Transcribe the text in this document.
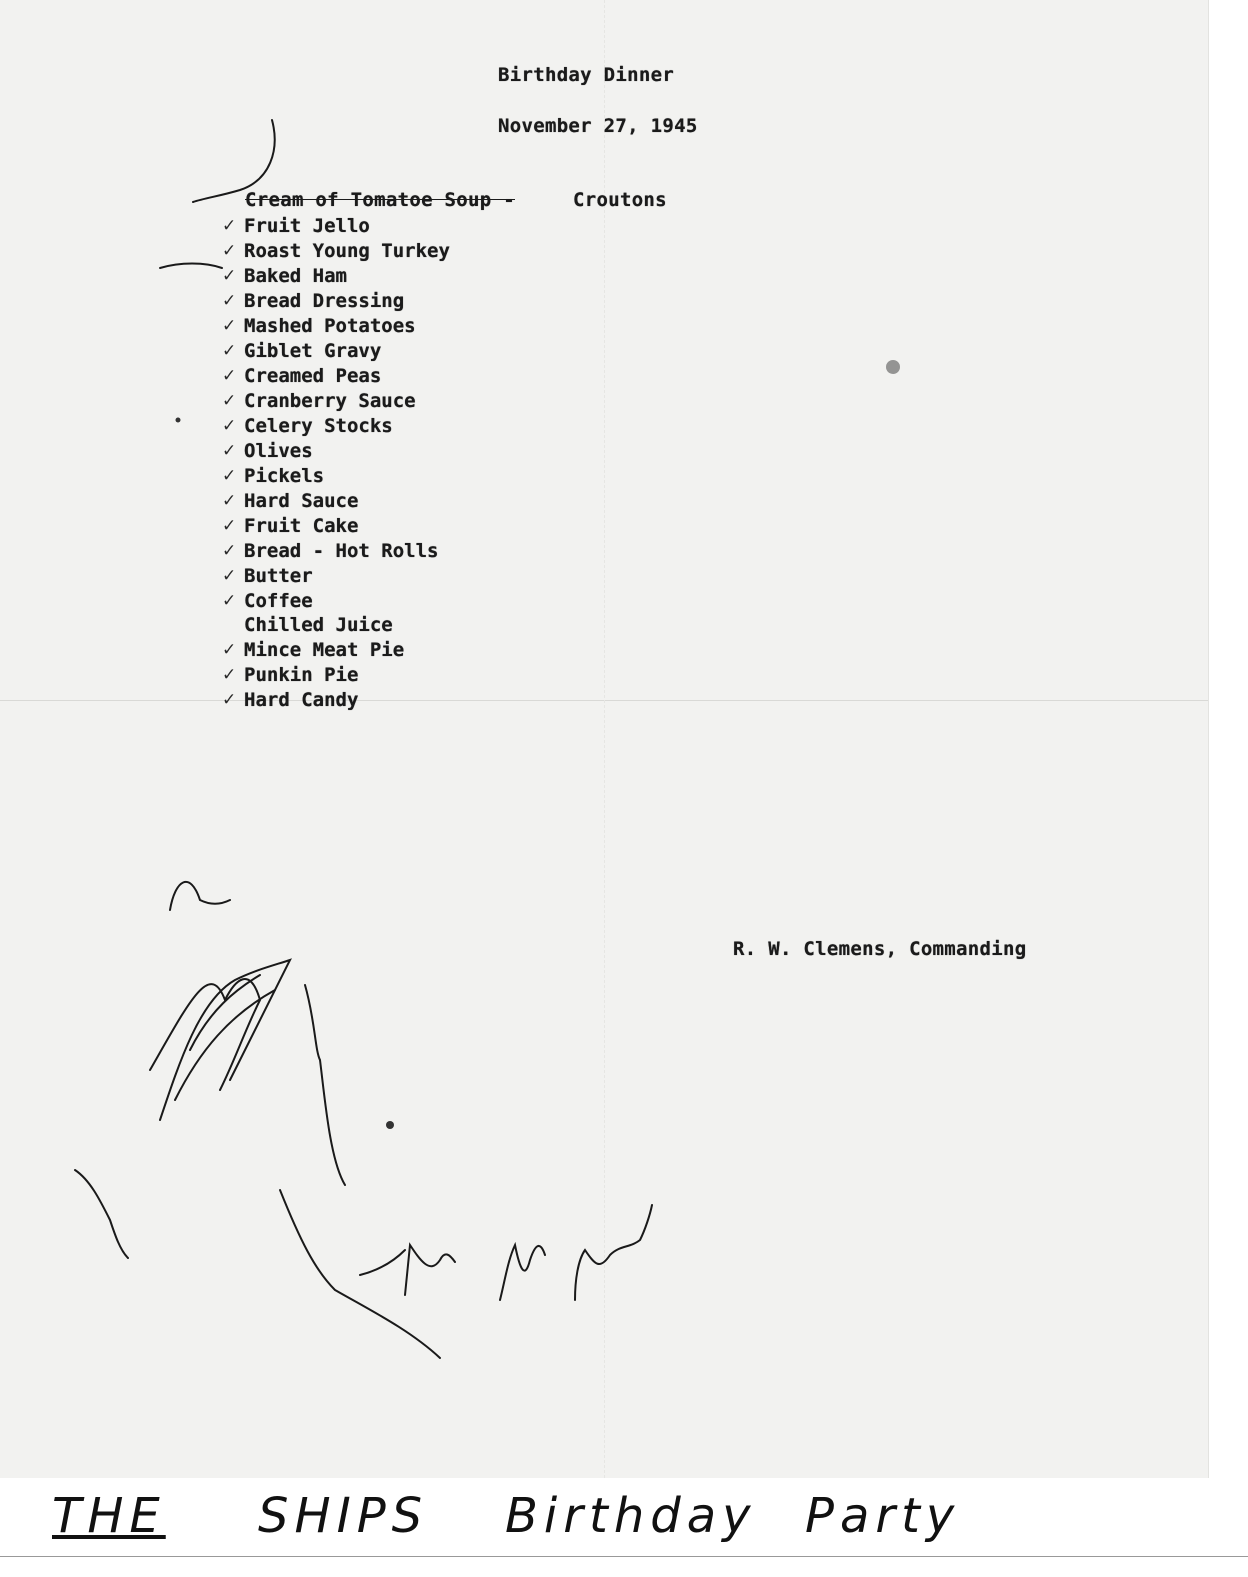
Birthday Dinner
November 27, 1945
Cream of Tomatoe Soup -	Croutons
✓ Fruit Jello
✓ Roast Young Turkey
✓ Baked Ham
✓ Bread Dressing
✓ Mashed Potatoes
✓ Giblet Gravy
✓ Creamed Peas
✓ Cranberry Sauce
✓ Celery Stocks
✓ Olives
✓ Pickels
✓ Hard Sauce
✓ Fruit Cake
✓ Bread - Hot Rolls
✓ Butter
✓ Coffee
Chilled Juice
✓ Mince Meat Pie
✓ Punkin Pie
✓ Hard Candy
R. W. Clemens, Commanding
THE SHIPS Birthday Party
